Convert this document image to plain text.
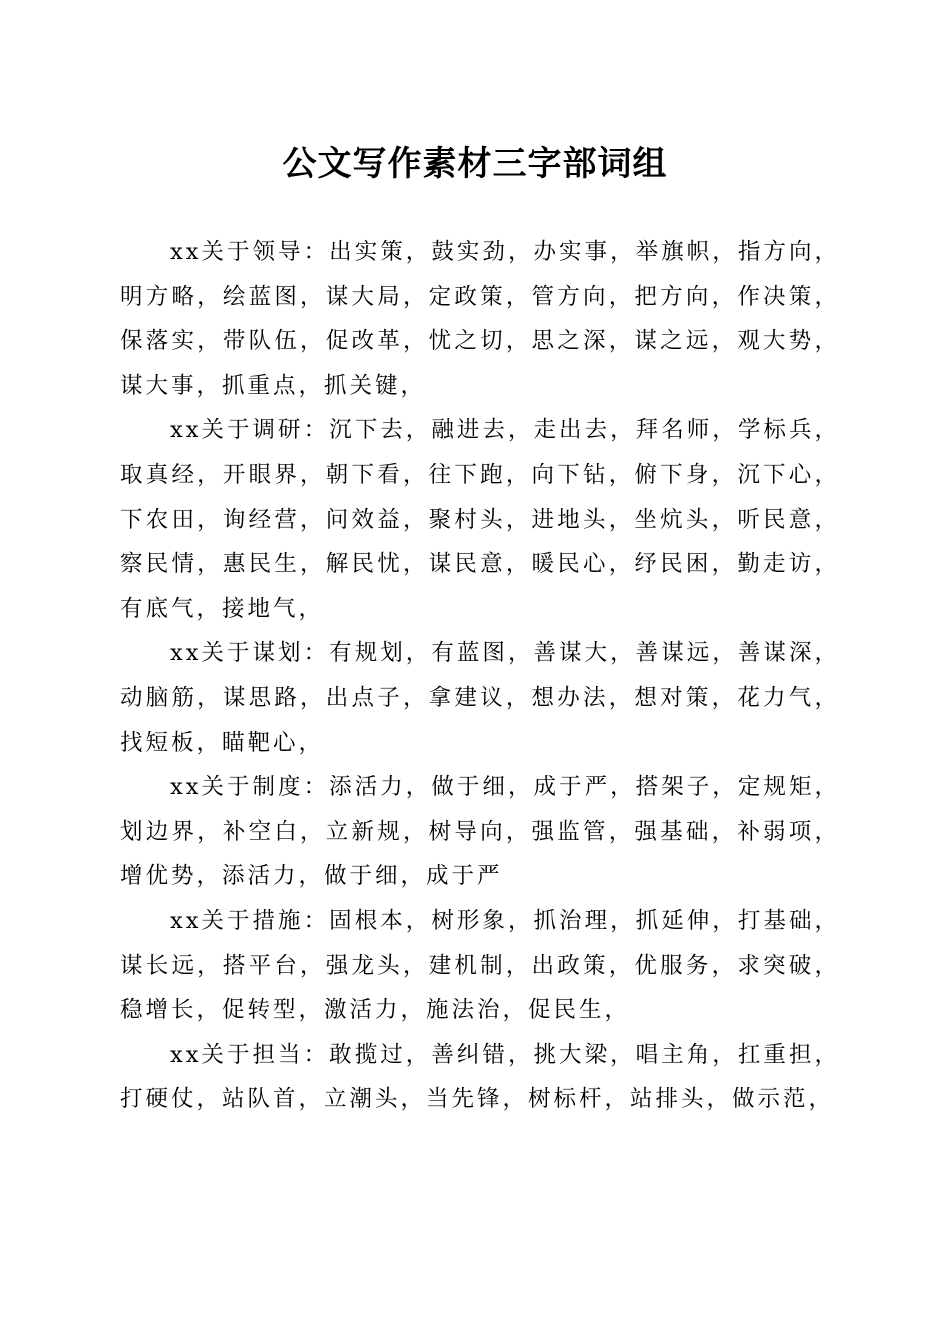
公文写作素材三字部词组

xx关于领导：出实策，鼓实劲，办实事，举旗帜，指方向，明方略，绘蓝图，谋大局，定政策，管方向，把方向，作决策，保落实，带队伍，促改革，忧之切，思之深，谋之远，观大势，谋大事，抓重点，抓关键，

xx关于调研：沉下去，融进去，走出去，拜名师，学标兵，取真经，开眼界，朝下看，往下跑，向下钻，俯下身，沉下心，下农田，询经营，问效益，聚村头，进地头，坐炕头，听民意，察民情，惠民生，解民忧，谋民意，暖民心，纾民困，勤走访，有底气，接地气，

xx关于谋划：有规划，有蓝图，善谋大，善谋远，善谋深，动脑筋，谋思路，出点子，拿建议，想办法，想对策，花力气，找短板，瞄靶心，

xx关于制度：添活力，做于细，成于严，搭架子，定规矩，划边界，补空白，立新规，树导向，强监管，强基础，补弱项，增优势，添活力，做于细，成于严

xx关于措施：固根本，树形象，抓治理，抓延伸，打基础，谋长远，搭平台，强龙头，建机制，出政策，优服务，求突破，稳增长，促转型，激活力，施法治，促民生，

xx关于担当：敢揽过，善纠错，挑大梁，唱主角，扛重担，打硬仗，站队首，立潮头，当先锋，树标杆，站排头，做示范，
